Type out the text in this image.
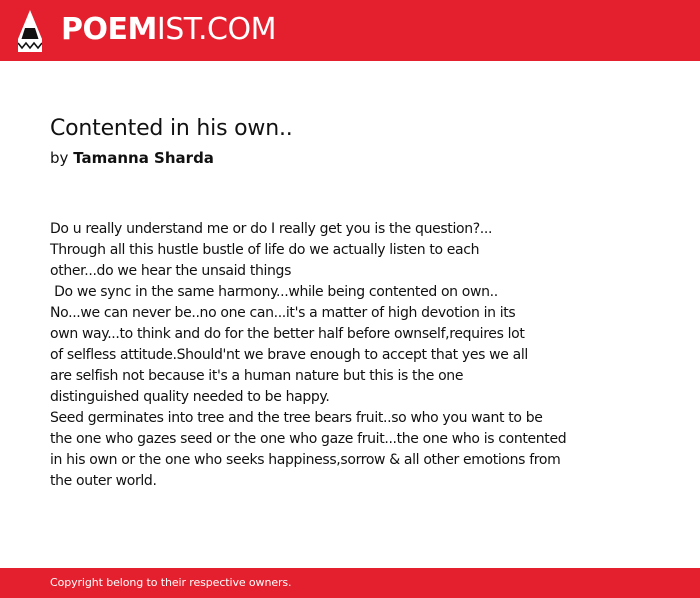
POEMIST.COM
Contented in his own..
by Tamanna Sharda
Do u really understand me or do I really get you is the question?...
Through all this hustle bustle of life do we actually listen to each
other...do we hear the unsaid things
Do we sync in the same harmony...while being contented on own..
No...we can never be..no one can...it's a matter of high devotion in its
own way...to think and do for the better half before ownself,requires lot
of selfless attitude.Should'nt we brave enough to accept that yes we all
are selfish not because it's a human nature but this is the one
distinguished quality needed to be happy.
Seed germinates into tree and the tree bears fruit..so who you want to be
the one who gazes seed or the one who gaze fruit...the one who is contented
in his own or the one who seeks happiness,sorrow & all other emotions from
the outer world.
Copyright belong to their respective owners.
